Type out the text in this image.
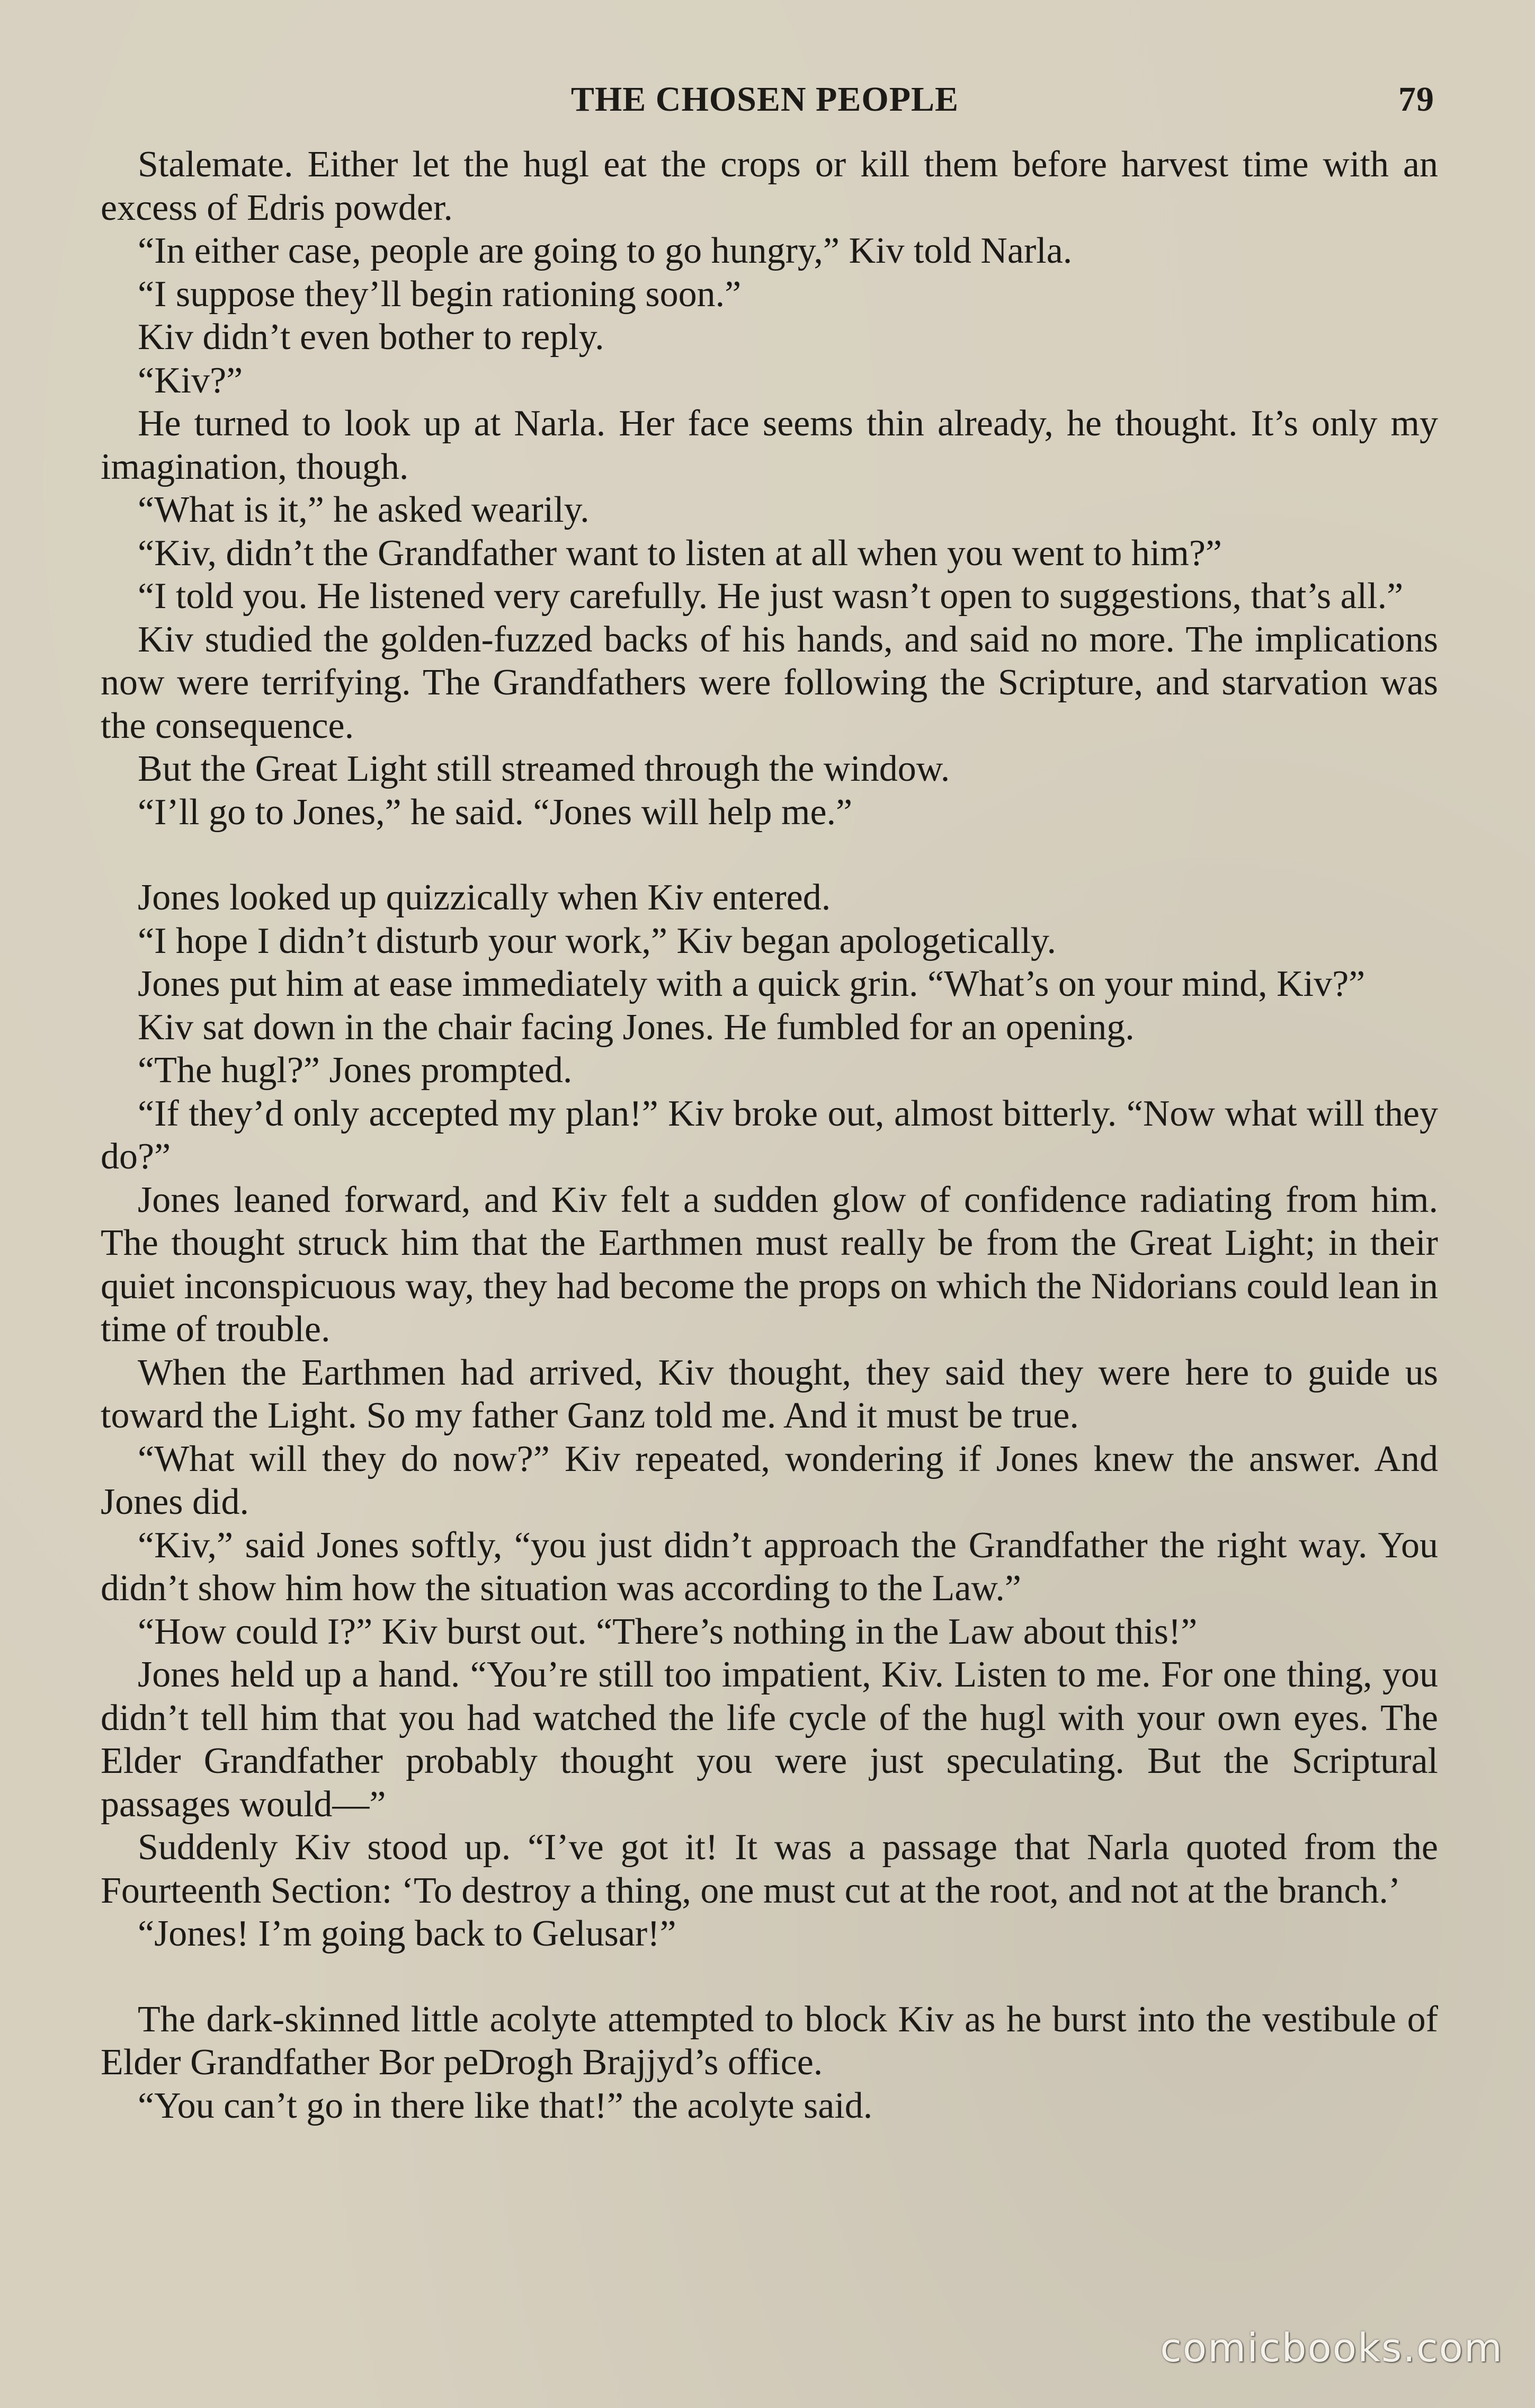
THE CHOSEN PEOPLE	79

Stalemate. Either let the hugl eat the crops or kill them before harvest time with an excess of Edris powder.

“In either case, people are going to go hungry,” Kiv told Narla.

“I suppose they’ll begin rationing soon.”

Kiv didn’t even bother to reply.

“Kiv?”

He turned to look up at Narla. Her face seems thin already, he thought. It’s only my imagination, though.

“What is it,” he asked wearily.

“Kiv, didn’t the Grandfather want to listen at all when you went to him?”

“I told you. He listened very carefully. He just wasn’t open to suggestions, that’s all.”

Kiv studied the golden-fuzzed backs of his hands, and said no more. The implications now were terrifying. The Grandfathers were following the Scripture, and starvation was the consequence.

But the Great Light still streamed through the window.

“I’ll go to Jones,” he said. “Jones will help me.”

Jones looked up quizzically when Kiv entered.

“I hope I didn’t disturb your work,” Kiv began apologetically.

Jones put him at ease immediately with a quick grin. “What’s on your mind, Kiv?”

Kiv sat down in the chair facing Jones. He fumbled for an opening.

“The hugl?” Jones prompted.

“If they’d only accepted my plan!” Kiv broke out, almost bitterly. “Now what will they do?”

Jones leaned forward, and Kiv felt a sudden glow of confidence radiating from him. The thought struck him that the Earthmen must really be from the Great Light; in their quiet inconspicuous way, they had become the props on which the Nidorians could lean in time of trouble.

When the Earthmen had arrived, Kiv thought, they said they were here to guide us toward the Light. So my father Ganz told me. And it must be true.

“What will they do now?” Kiv repeated, wondering if Jones knew the answer. And Jones did.

“Kiv,” said Jones softly, “you just didn’t approach the Grandfather the right way. You didn’t show him how the situation was according to the Law.”

“How could I?” Kiv burst out. “There’s nothing in the Law about this!”

Jones held up a hand. “You’re still too impatient, Kiv. Listen to me. For one thing, you didn’t tell him that you had watched the life cycle of the hugl with your own eyes. The Elder Grandfather probably thought you were just speculating. But the Scriptural passages would—”

Suddenly Kiv stood up. “I’ve got it! It was a passage that Narla quoted from the Fourteenth Section: ‘To destroy a thing, one must cut at the root, and not at the branch.’

“Jones! I’m going back to Gelusar!”

The dark-skinned little acolyte attempted to block Kiv as he burst into the vestibule of Elder Grandfather Bor peDrogh Brajjyd’s office.

“You can’t go in there like that!” the acolyte said.

comicbooks.com
